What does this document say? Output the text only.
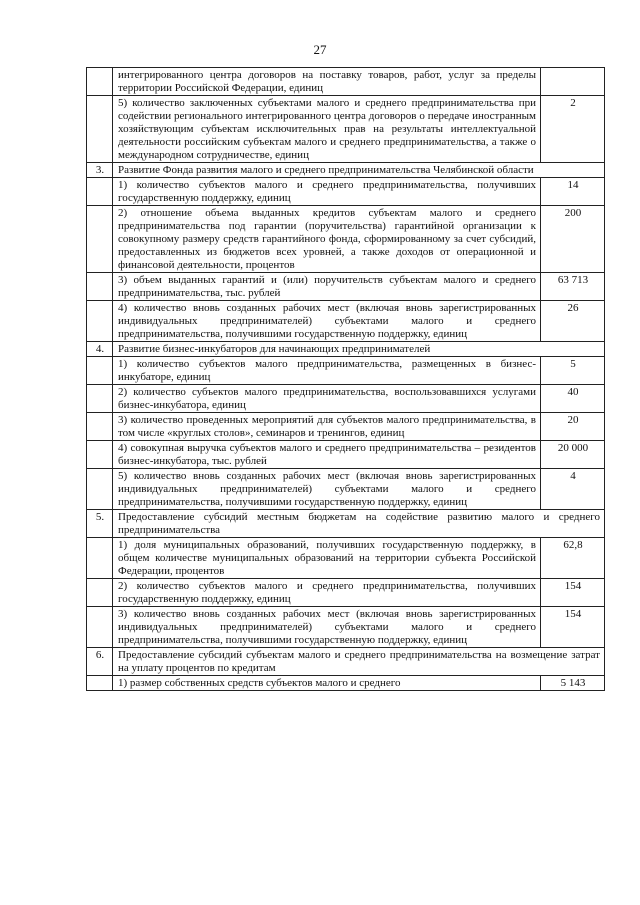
27
	интегрированного центра договоров на поставку товаров, работ, услуг за пределы территории Российской Федерации, единиц	
	5) количество заключенных субъектами малого и среднего предпринимательства при содействии регионального интегрированного центра договоров о передаче иностранным хозяйствующим субъектам исключительных прав на результаты интеллектуальной деятельности российским субъектам малого и среднего предпринимательства, а также о международном сотрудничестве, единиц	2
3.	Развитие Фонда развития малого и среднего предпринимательства Челябинской области	
	1) количество субъектов малого и среднего предпринимательства, получивших государственную поддержку, единиц	14
	2) отношение объема выданных кредитов субъектам малого и среднего предпринимательства под гарантии (поручительства) гарантийной организации к совокупному размеру средств гарантийного фонда, сформированному за счет субсидий, предоставленных из бюджетов всех уровней, а также доходов от операционной и финансовой деятельности, процентов	200
	3) объем выданных гарантий и (или) поручительств субъектам малого и среднего предпринимательства, тыс. рублей	63 713
	4) количество вновь созданных рабочих мест (включая вновь зарегистрированных индивидуальных предпринимателей) субъектами малого и среднего предпринимательства, получившими государственную поддержку, единиц	26
4.	Развитие бизнес-инкубаторов для начинающих предпринимателей	
	1) количество субъектов малого предпринимательства, размещенных в бизнес-инкубаторе, единиц	5
	2) количество субъектов малого предпринимательства, воспользовавшихся услугами бизнес-инкубатора, единиц	40
	3) количество проведенных мероприятий для субъектов малого предпринимательства, в том числе «круглых столов», семинаров и тренингов, единиц	20
	4) совокупная выручка субъектов малого и среднего предпринимательства – резидентов бизнес-инкубатора, тыс. рублей	20 000
	5) количество вновь созданных рабочих мест (включая вновь зарегистрированных индивидуальных предпринимателей) субъектами малого и среднего предпринимательства, получившими государственную поддержку, единиц	4
5.	Предоставление субсидий местным бюджетам на содействие развитию малого и среднего предпринимательства	
	1) доля муниципальных образований, получивших государственную поддержку, в общем количестве муниципальных образований на территории субъекта Российской Федерации, процентов	62,8
	2) количество субъектов малого и среднего предпринимательства, получивших государственную поддержку, единиц	154
	3) количество вновь созданных рабочих мест (включая вновь зарегистрированных индивидуальных предпринимателей) субъектами малого и среднего предпринимательства, получившими государственную поддержку, единиц	154
6.	Предоставление субсидий субъектам малого и среднего предпринимательства на возмещение затрат на уплату процентов по кредитам	
	1) размер собственных средств субъектов малого и среднего	5 143
